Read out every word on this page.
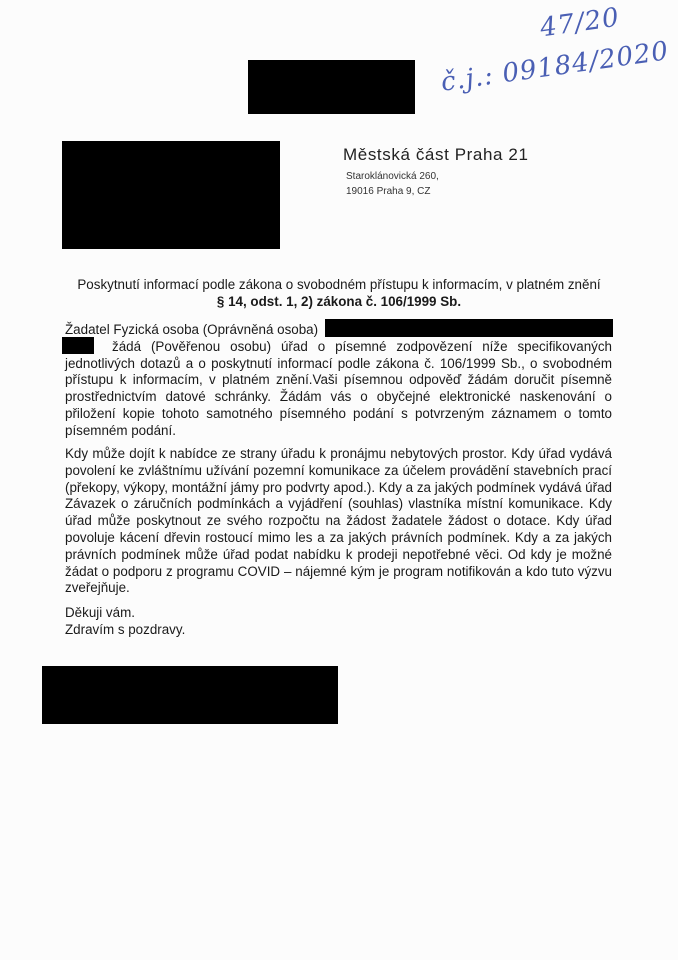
47/20
č.j.: 09184/2020
Městská část Praha 21
Staroklánovická 260,
19016 Praha 9, CZ
Poskytnutí informací podle zákona o svobodném přístupu k informacím, v platném znění
§ 14, odst. 1, 2) zákona č. 106/1999 Sb.
Žadatel Fyzická osoba (Oprávněná osoba)
žádá (Pověřenou osobu) úřad o písemné zodpovězení níže specifikovaných jednotlivých dotazů a o poskytnutí informací podle zákona č. 106/1999 Sb., o svobodném přístupu k informacím, v platném znění.Vaši písemnou odpověď žádám doručit písemně prostřednictvím datové schránky. Žádám vás o obyčejné elektronické naskenování o přiložení kopie tohoto samotného písemného podání s potvrzeným záznamem o tomto písemném podání.
Kdy může dojít k nabídce ze strany úřadu k pronájmu nebytových prostor. Kdy úřad vydává povolení ke zvláštnímu užívání pozemní komunikace za účelem provádění stavebních prací (překopy, výkopy, montážní jámy pro podvrty apod.). Kdy a za jakých podmínek vydává úřad Závazek o záručních podmínkách a vyjádření (souhlas) vlastníka místní komunikace. Kdy úřad může poskytnout ze svého rozpočtu na žádost žadatele žádost o dotace. Kdy úřad povoluje kácení dřevin rostoucí mimo les a za jakých právních podmínek. Kdy a za jakých právních podmínek může úřad podat nabídku k prodeji nepotřebné věci. Od kdy je možné žádat o podporu z programu COVID – nájemné kým je program notifikován a kdo tuto výzvu zveřejňuje.
Děkuji vám.
Zdravím s pozdravy.
